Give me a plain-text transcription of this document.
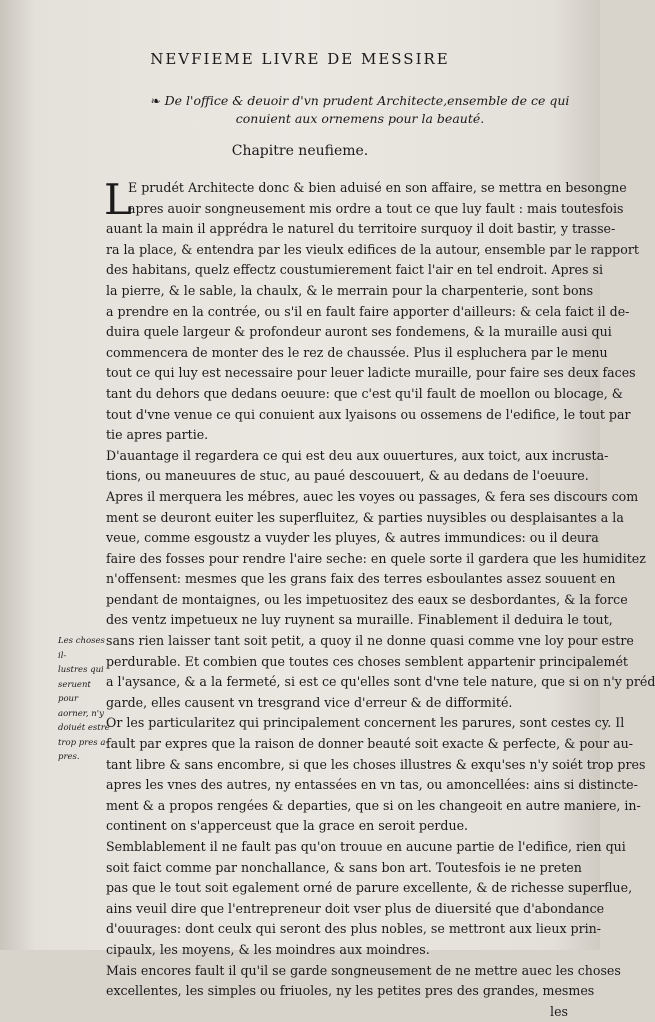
NEVFIEME LIVRE DE MESSIRE
❧ De l'office & deuoir d'vn prudent Architecte,ensemble de ce qui
conuient aux ornemens pour la beauté.
Chapitre neufieme.
L
E prudét Architecte donc & bien aduisé en son affaire, se mettra en besongne
apres auoir songneusement mis ordre a tout ce que luy fault : mais toutesfois
auant la main il apprédra le naturel du territoire surquoy il doit bastir, y trasse-
ra la place, & entendra par les vieulx edifices de la autour, ensemble par le rapport
des habitans, quelz effectz coustumierement faict l'air en tel endroit. Apres si
la pierre, & le sable, la chaulx, & le merrain pour la charpenterie, sont bons
a prendre en la contrée, ou s'il en fault faire apporter d'ailleurs: & cela faict il de-
duira quele largeur & profondeur auront ses fondemens, & la muraille ausi qui
commencera de monter des le rez de chaussée. Plus il espluchera par le menu
tout ce qui luy est necessaire pour leuer ladicte muraille, pour faire ses deux faces
tant du dehors que dedans oeuure: que c'est qu'il fault de moellon ou blocage, &
tout d'vne venue ce qui conuient aux lyaisons ou ossemens de l'edifice, le tout par
tie apres partie.
D'auantage il regardera ce qui est deu aux ouuertures, aux toict, aux incrusta-
tions, ou maneuures de stuc, au paué descouuert, & au dedans de l'oeuure.
Apres il merquera les mébres, auec les voyes ou passages, & fera ses discours com
ment se deuront euiter les superfluitez, & parties nuysibles ou desplaisantes a la
veue, comme esgoustz a vuyder les pluyes, & autres immundices: ou il deura
faire des fosses pour rendre l'aire seche: en quele sorte il gardera que les humiditez
n'offensent: mesmes que les grans faix des terres esboulantes assez souuent en
pendant de montaignes, ou les impetuositez des eaux se desbordantes, & la force
des ventz impetueux ne luy ruynent sa muraille. Finablement il deduira le tout,
sans rien laisser tant soit petit, a quoy il ne donne quasi comme vne loy pour estre
perdurable. Et combien que toutes ces choses semblent appartenir principalemét
a l'aysance, & a la fermeté, si est ce qu'elles sont d'vne tele nature, que si on n'y préd
garde, elles causent vn tresgrand vice d'erreur & de difformité.
Or les particularitez qui principalement concernent les parures, sont cestes cy. Il
fault par expres que la raison de donner beauté soit exacte & perfecte, & pour au-
tant libre & sans encombre, si que les choses illustres & exqu'ses n'y soiét trop pres
apres les vnes des autres, ny entassées en vn tas, ou amoncellées: ains si distincte-
ment & a propos rengées & departies, que si on les changeoit en autre maniere, in-
continent on s'apperceust que la grace en seroit perdue.
Semblablement il ne fault pas qu'on trouue en aucune partie de l'edifice, rien qui
soit faict comme par nonchallance, & sans bon art. Toutesfois ie ne preten
pas que le tout soit egalement orné de parure excellente, & de richesse superflue,
ains veuil dire que l'entrepreneur doit vser plus de diuersité que d'abondance
d'ouurages: dont ceulx qui seront des plus nobles, se mettront aux lieux prin-
cipaulx, les moyens, & les moindres aux moindres.
Mais encores fault il qu'il se garde songneusement de ne mettre auec les choses
excellentes, les simples ou friuoles, ny les petites pres des grandes, mesmes
les
Les choses il-
lustres qui
seruent pour
aorner, n'y
doiuét estre
trop pres a-
pres.
